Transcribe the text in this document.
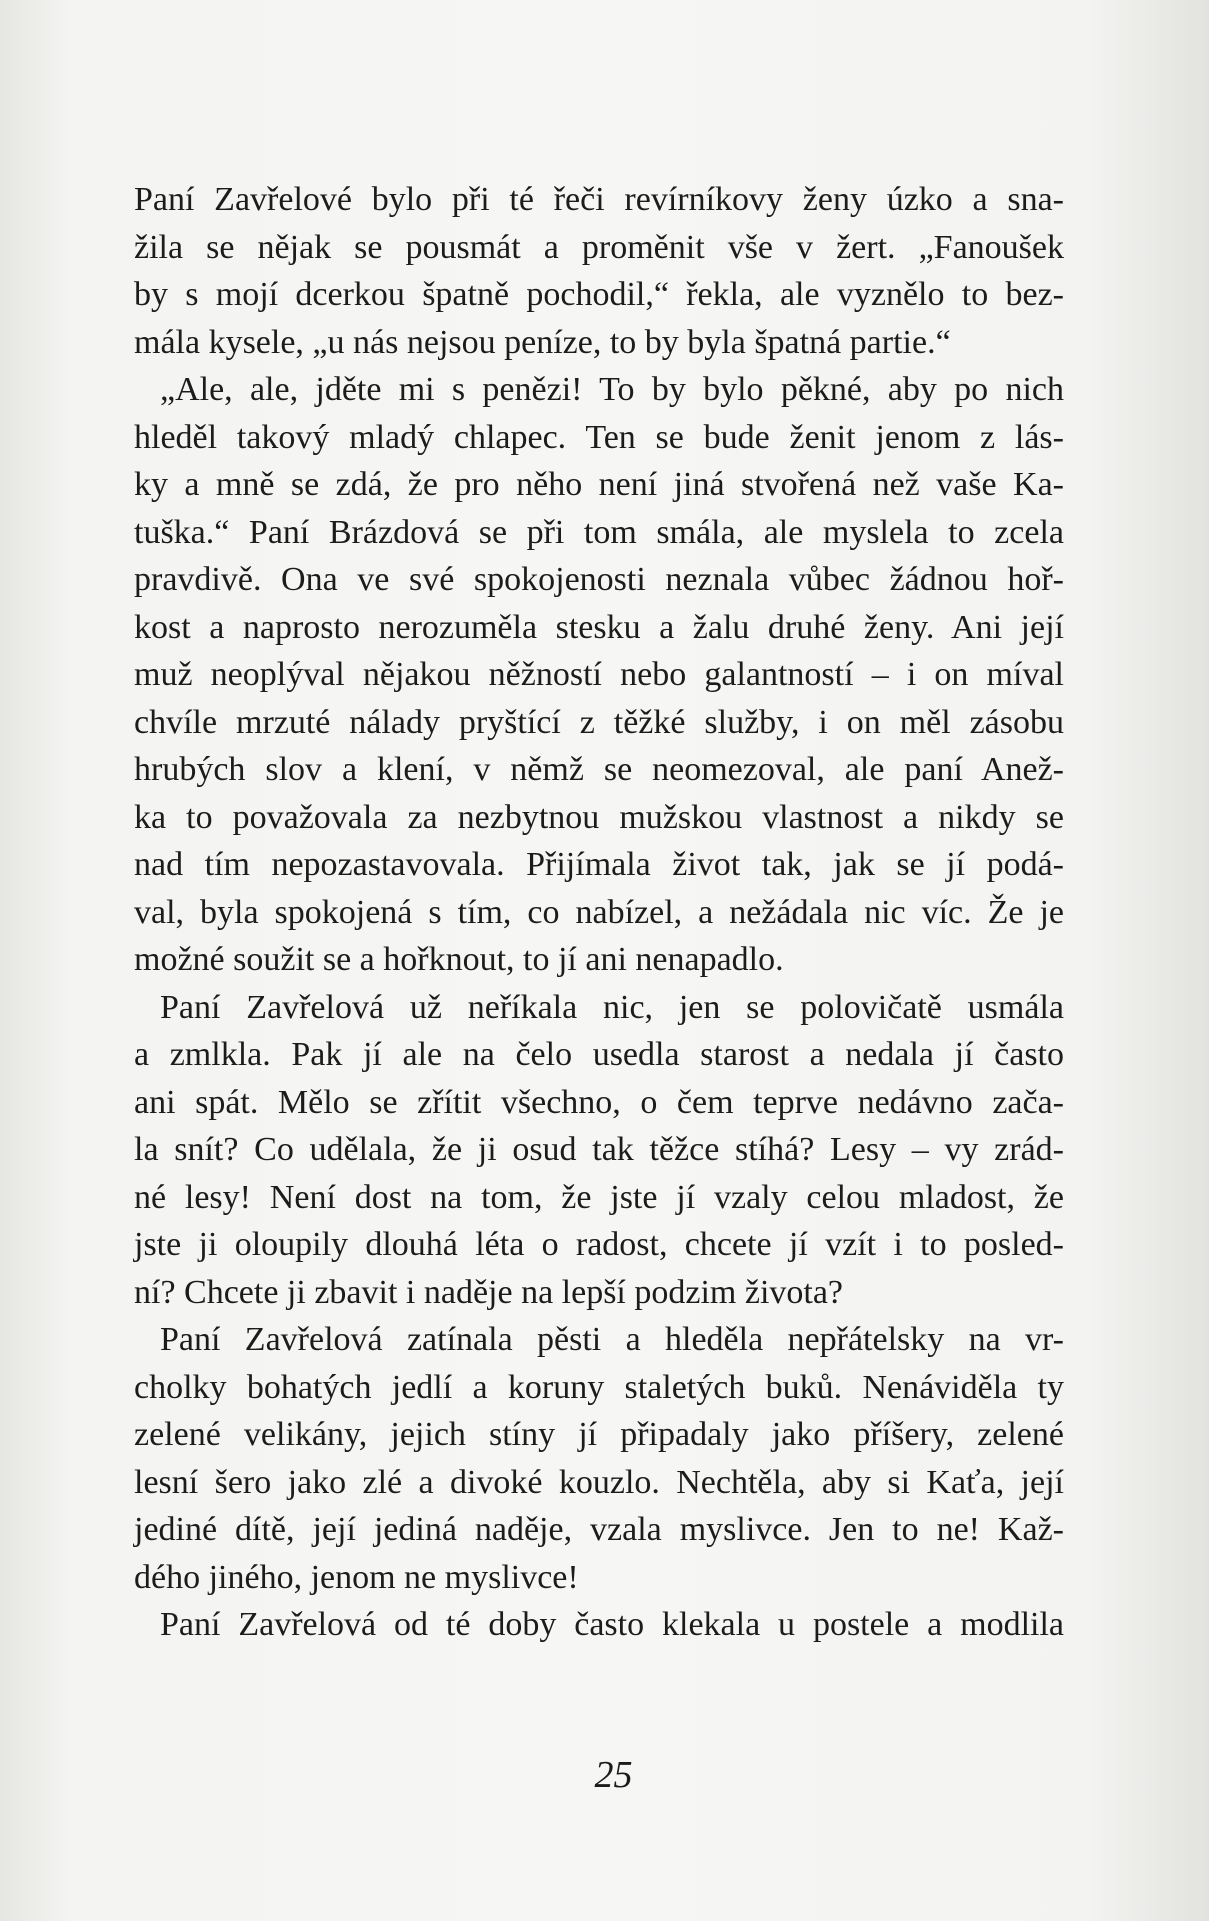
Paní Zavřelové bylo při té řeči revírníkovy ženy úzko a sna-
žila se nějak se pousmát a proměnit vše v žert. „Fanoušek
by s mojí dcerkou špatně pochodil,“ řekla, ale vyznělo to bez-
mála kysele, „u nás nejsou peníze, to by byla špatná partie.“
„Ale, ale, jděte mi s penězi! To by bylo pěkné, aby po nich
hleděl takový mladý chlapec. Ten se bude ženit jenom z lás-
ky a mně se zdá, že pro něho není jiná stvořená než vaše Ka-
tuška.“ Paní Brázdová se při tom smála, ale myslela to zcela
pravdivě. Ona ve své spokojenosti neznala vůbec žádnou hoř-
kost a naprosto nerozuměla stesku a žalu druhé ženy. Ani její
muž neoplýval nějakou něžností nebo galantností – i on míval
chvíle mrzuté nálady pryštící z těžké služby, i on měl zásobu
hrubých slov a klení, v němž se neomezoval, ale paní Anež-
ka to považovala za nezbytnou mužskou vlastnost a nikdy se
nad tím nepozastavovala. Přijímala život tak, jak se jí podá-
val, byla spokojená s tím, co nabízel, a nežádala nic víc. Že je
možné soužit se a hořknout, to jí ani nenapadlo.
Paní Zavřelová už neříkala nic, jen se polovičatě usmála
a zmlkla. Pak jí ale na čelo usedla starost a nedala jí často
ani spát. Mělo se zřítit všechno, o čem teprve nedávno zača-
la snít? Co udělala, že ji osud tak těžce stíhá? Lesy – vy zrád-
né lesy! Není dost na tom, že jste jí vzaly celou mladost, že
jste ji oloupily dlouhá léta o radost, chcete jí vzít i to posled-
ní? Chcete ji zbavit i naděje na lepší podzim života?
Paní Zavřelová zatínala pěsti a hleděla nepřátelsky na vr-
cholky bohatých jedlí a koruny staletých buků. Nenáviděla ty
zelené velikány, jejich stíny jí připadaly jako příšery, zelené
lesní šero jako zlé a divoké kouzlo. Nechtěla, aby si Kaťa, její
jediné dítě, její jediná naděje, vzala myslivce. Jen to ne! Kaž-
dého jiného, jenom ne myslivce!
Paní Zavřelová od té doby často klekala u postele a modlila
25
